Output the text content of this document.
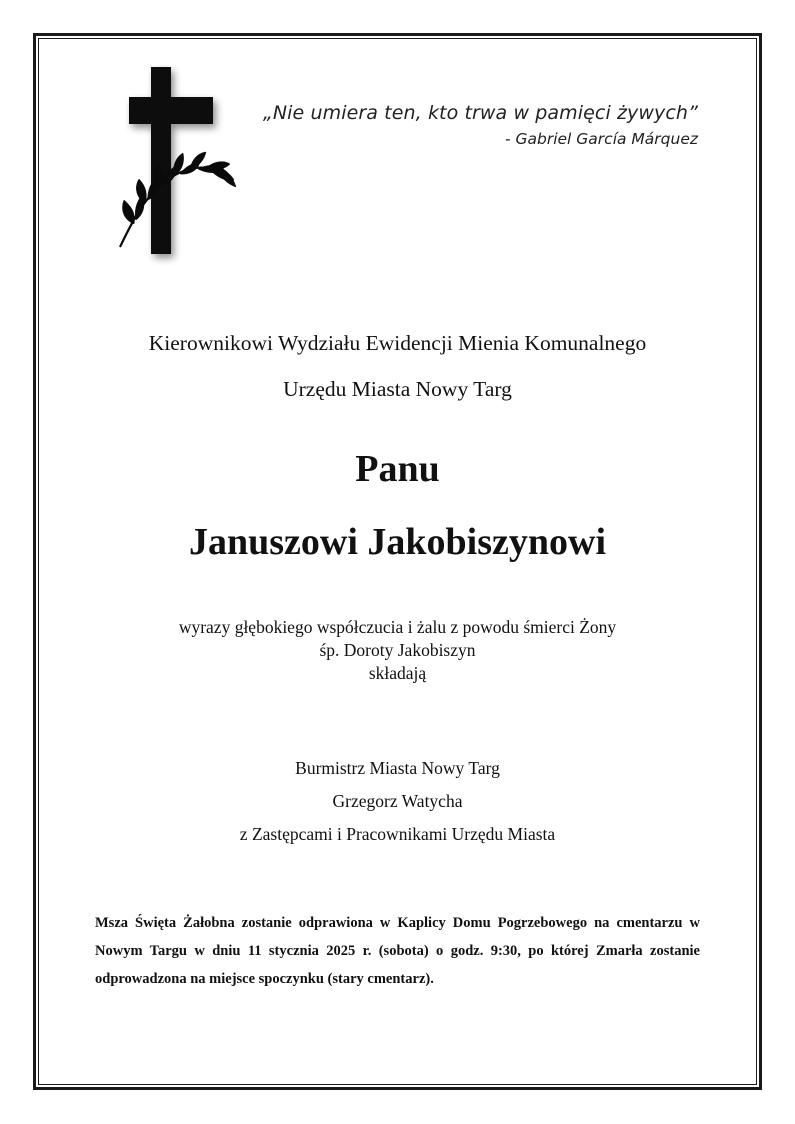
„Nie umiera ten, kto trwa w pamięci żywych”
- Gabriel García Márquez
Kierownikowi Wydziału Ewidencji Mienia Komunalnego
Urzędu Miasta Nowy Targ
Panu
Januszowi Jakobiszynowi
wyrazy głębokiego współczucia i żalu z powodu śmierci Żony
śp. Doroty Jakobiszyn
składają
Burmistrz Miasta Nowy Targ
Grzegorz Watycha
z Zastępcami i Pracownikami Urzędu Miasta
Msza Święta Żałobna zostanie odprawiona w Kaplicy Domu Pogrzebowego na cmentarzu w Nowym Targu w dniu 11 stycznia 2025 r. (sobota) o godz. 9:30, po której Zmarła zostanie odprowadzona na miejsce spoczynku (stary cmentarz).
